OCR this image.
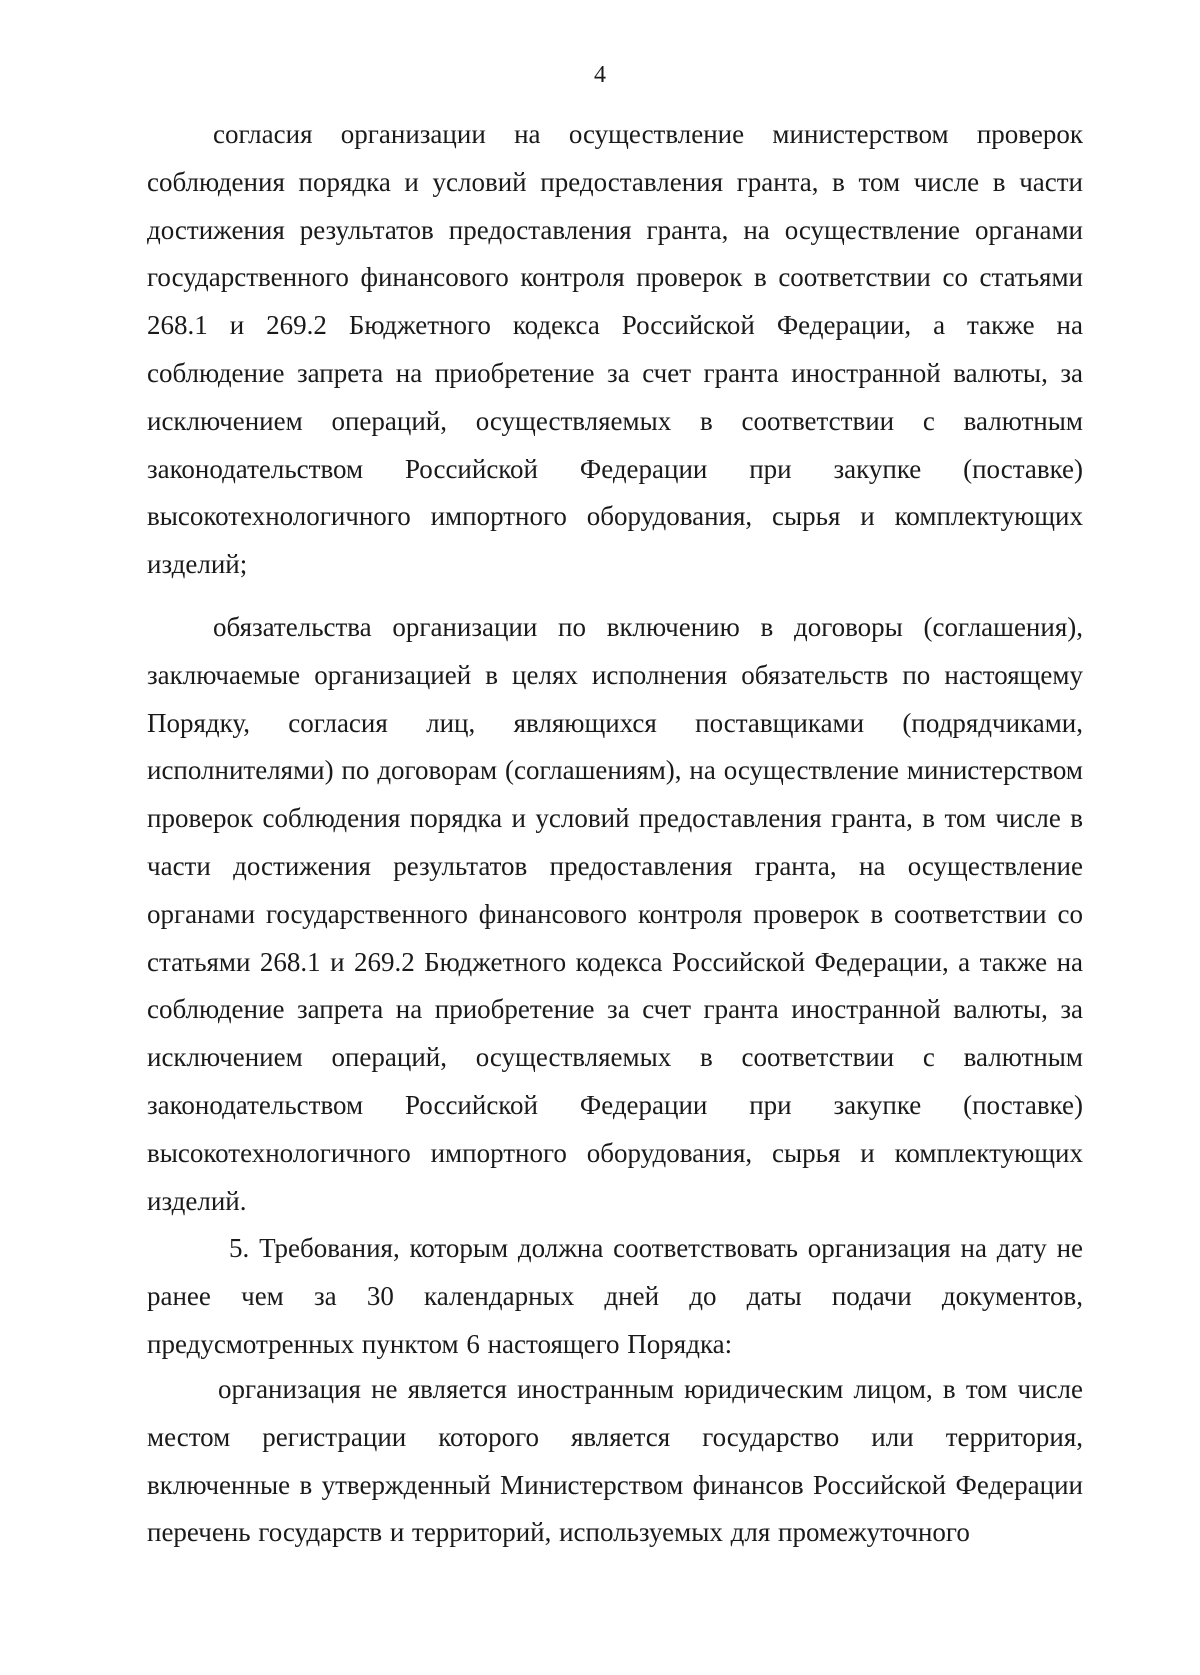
4

согласия организации на осуществление министерством проверок соблюдения порядка и условий предоставления гранта, в том числе в части достижения результатов предоставления гранта, на осуществление органами государственного финансового контроля проверок в соответствии со статьями 268.1 и 269.2 Бюджетного кодекса Российской Федерации, а также на соблюдение запрета на приобретение за счет гранта иностранной валюты, за исключением операций, осуществляемых в соответствии с валютным законодательством Российской Федерации при закупке (поставке) высокотехнологичного импортного оборудования, сырья и комплектующих изделий;

обязательства организации по включению в договоры (соглашения), заключаемые организацией в целях исполнения обязательств по настоящему Порядку, согласия лиц, являющихся поставщиками (подрядчиками, исполнителями) по договорам (соглашениям), на осуществление министерством проверок соблюдения порядка и условий предоставления гранта, в том числе в части достижения результатов предоставления гранта, на осуществление органами государственного финансового контроля проверок в соответствии со статьями 268.1 и 269.2 Бюджетного кодекса Российской Федерации, а также на соблюдение запрета на приобретение за счет гранта иностранной валюты, за исключением операций, осуществляемых в соответствии с валютным законодательством Российской Федерации при закупке (поставке) высокотехнологичного импортного оборудования, сырья и комплектующих изделий.

5. Требования, которым должна соответствовать организация на дату не ранее чем за 30 календарных дней до даты подачи документов, предусмотренных пунктом 6 настоящего Порядка:

организация не является иностранным юридическим лицом, в том числе местом регистрации которого является государство или территория, включенные в утвержденный Министерством финансов Российской Федерации перечень государств и территорий, используемых для промежуточного
